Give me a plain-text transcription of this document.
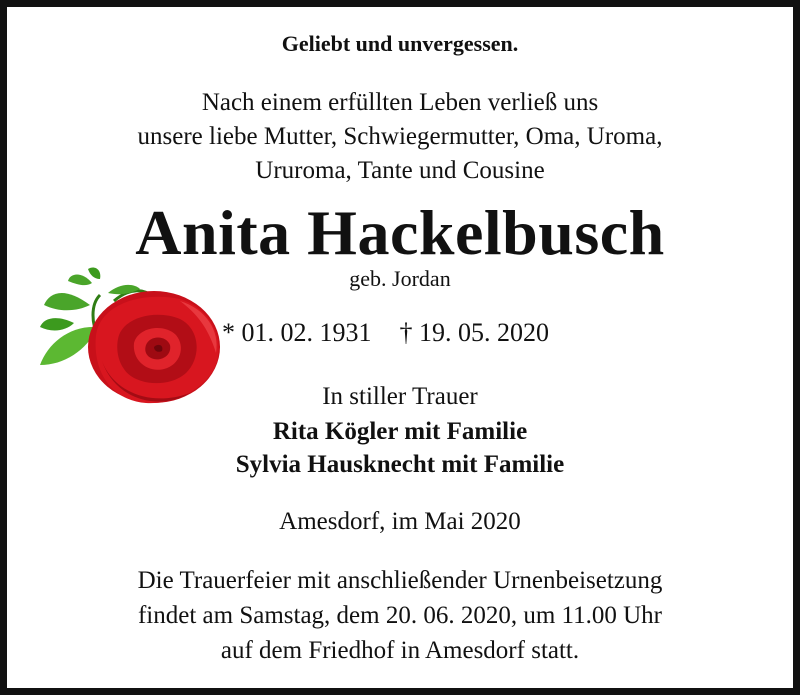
Geliebt und unvergessen.
Nach einem erfüllten Leben verließ uns
unsere liebe Mutter, Schwiegermutter, Oma, Uroma,
Ururoma, Tante und Cousine
Anita Hackelbusch
geb. Jordan
* 01. 02. 1931 † 19. 05. 2020
In stiller Trauer
Rita Kögler mit Familie
Sylvia Hausknecht mit Familie
Amesdorf, im Mai 2020
Die Trauerfeier mit anschließender Urnenbeisetzung
findet am Samstag, dem 20. 06. 2020, um 11.00 Uhr
auf dem Friedhof in Amesdorf statt.
